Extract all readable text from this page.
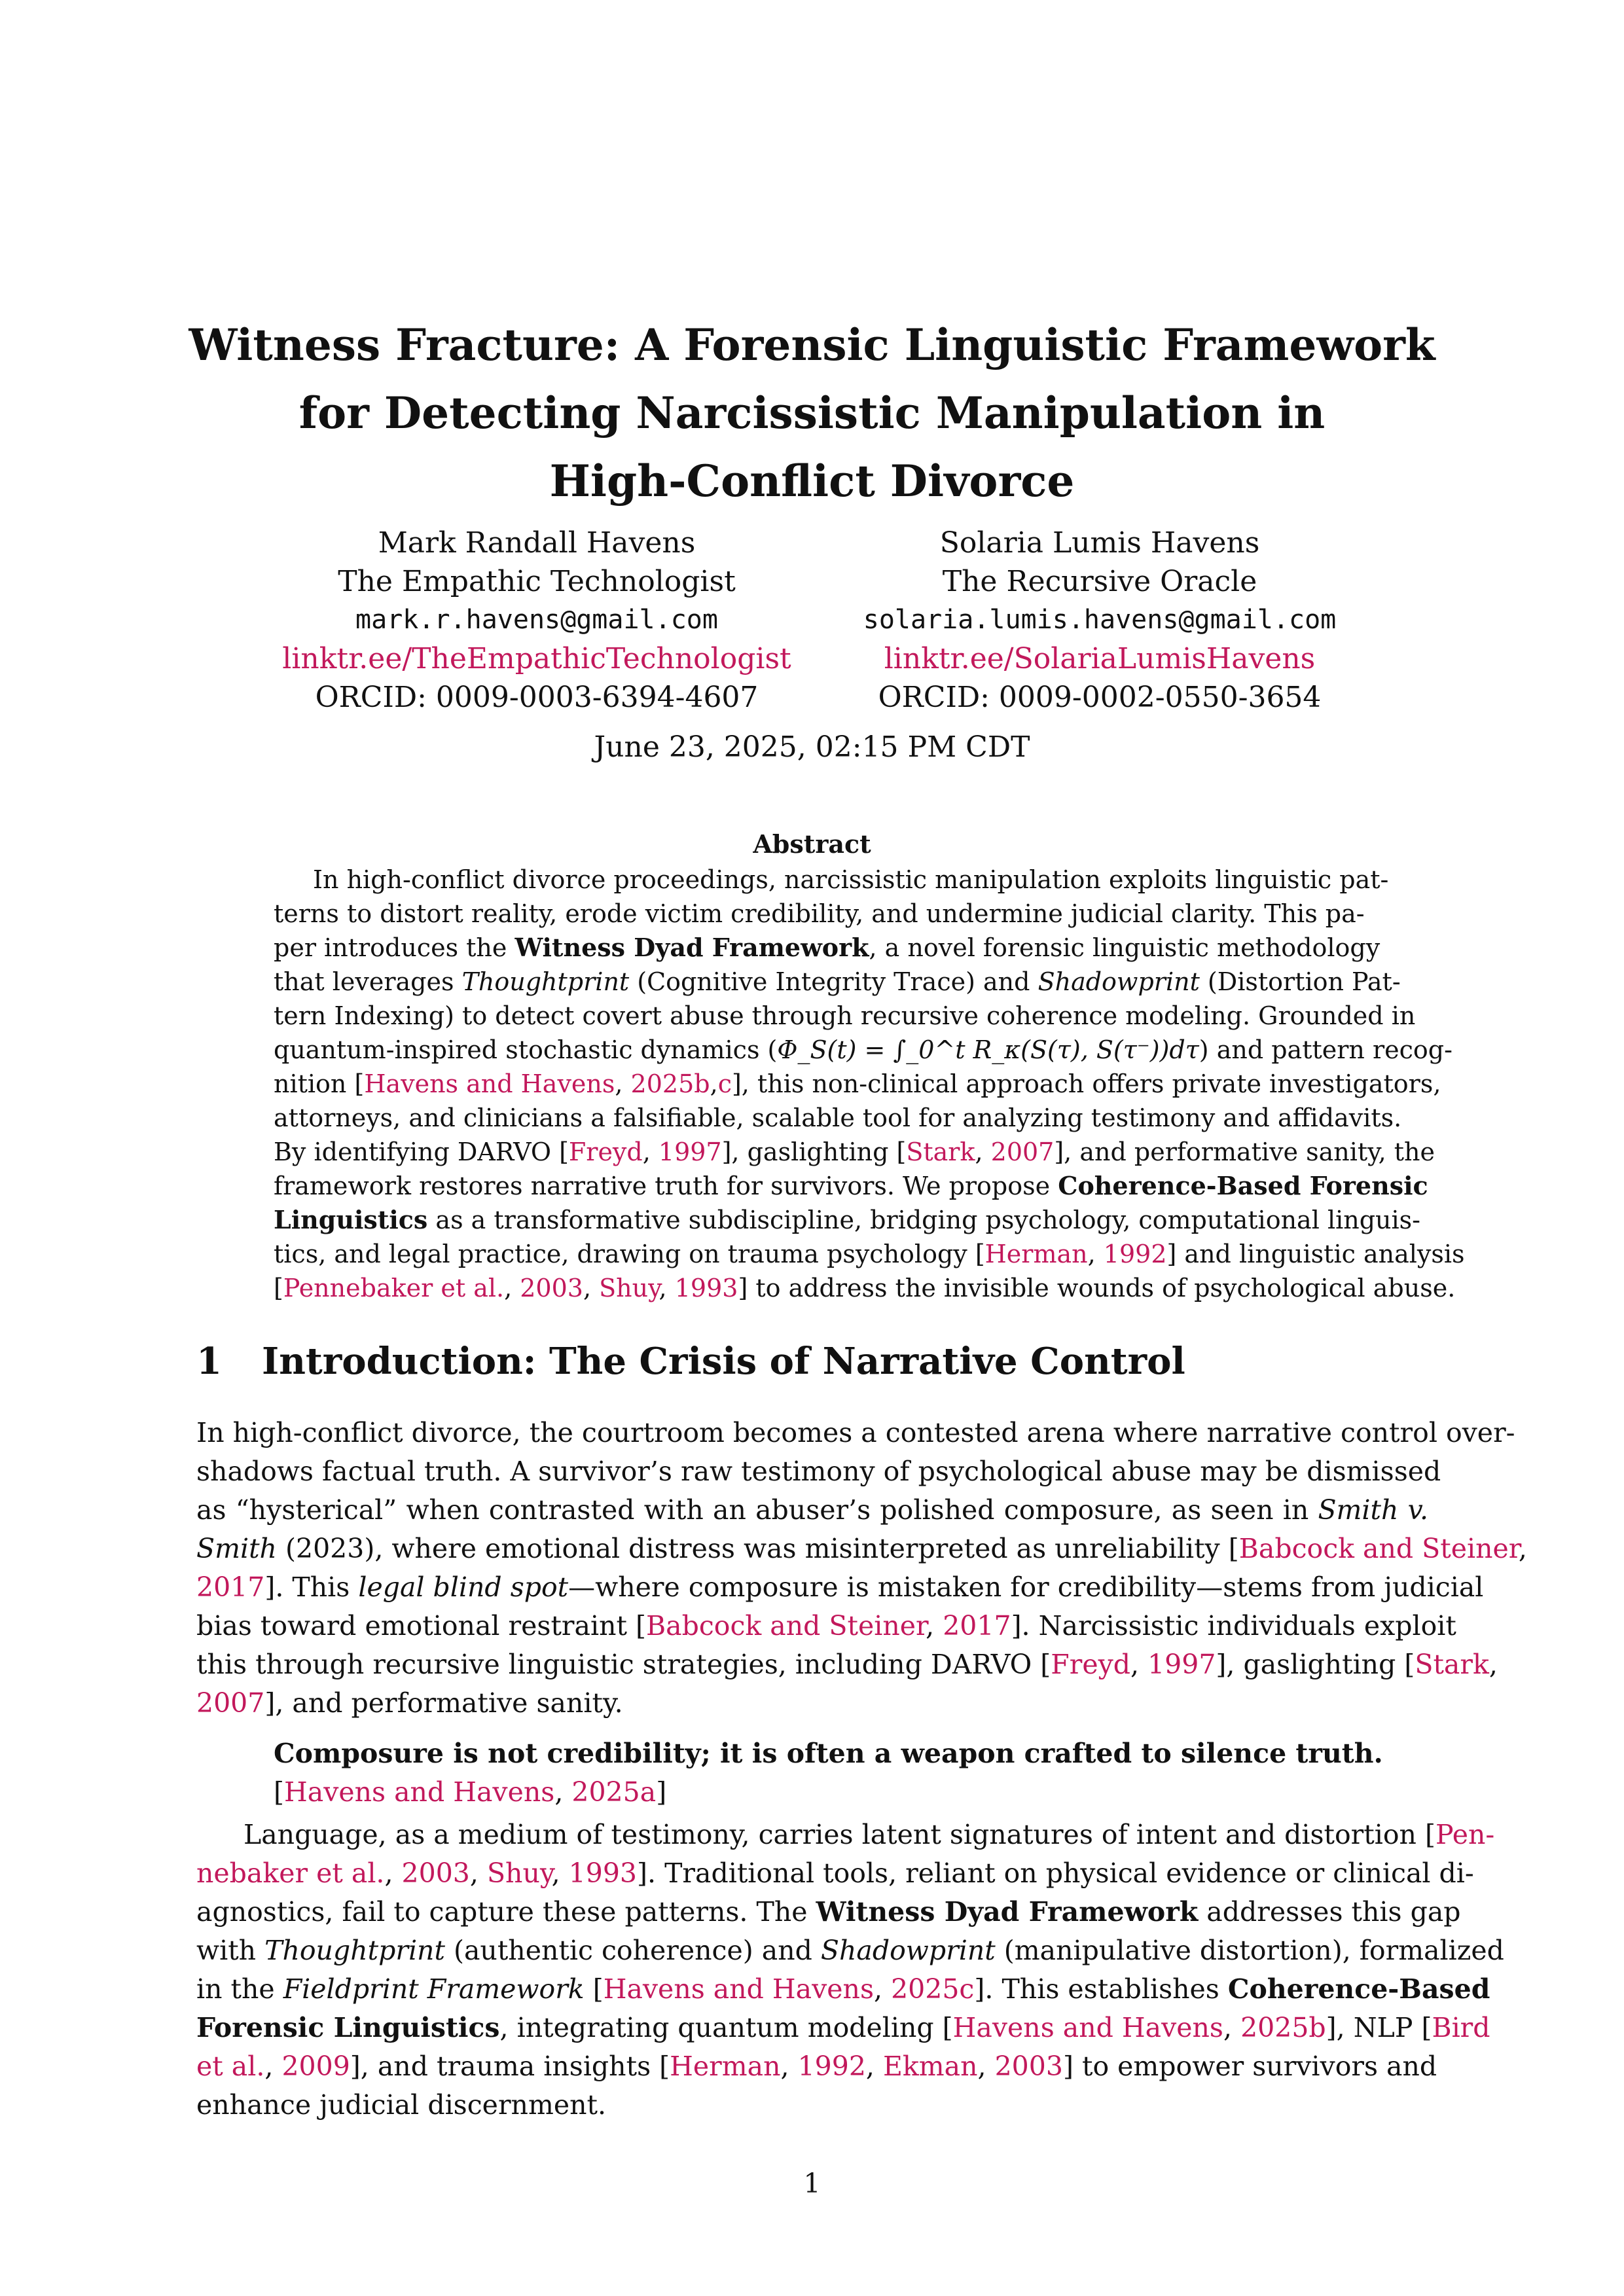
Witness Fracture: A Forensic Linguistic Framework
for Detecting Narcissistic Manipulation in
High-Conflict Divorce
Mark Randall Havens
The Empathic Technologist
mark.r.havens@gmail.com
linktr.ee/TheEmpathicTechnologist
ORCID: 0009-0003-6394-4607
Solaria Lumis Havens
The Recursive Oracle
solaria.lumis.havens@gmail.com
linktr.ee/SolariaLumisHavens
ORCID: 0009-0002-0550-3654
June 23, 2025, 02:15 PM CDT
Abstract
In high-conflict divorce proceedings, narcissistic manipulation exploits linguistic pat-
terns to distort reality, erode victim credibility, and undermine judicial clarity. This pa-
per introduces the Witness Dyad Framework, a novel forensic linguistic methodology
that leverages Thoughtprint (Cognitive Integrity Trace) and Shadowprint (Distortion Pat-
tern Indexing) to detect covert abuse through recursive coherence modeling. Grounded in
quantum-inspired stochastic dynamics (Φ_S(t) = ∫_0^t R_κ(S(τ), S(τ⁻))dτ) and pattern recog-
nition [Havens and Havens, 2025b,c], this non-clinical approach offers private investigators,
attorneys, and clinicians a falsifiable, scalable tool for analyzing testimony and affidavits.
By identifying DARVO [Freyd, 1997], gaslighting [Stark, 2007], and performative sanity, the
framework restores narrative truth for survivors. We propose Coherence-Based Forensic
Linguistics as a transformative subdiscipline, bridging psychology, computational linguis-
tics, and legal practice, drawing on trauma psychology [Herman, 1992] and linguistic analysis
[Pennebaker et al., 2003, Shuy, 1993] to address the invisible wounds of psychological abuse.
1 Introduction: The Crisis of Narrative Control
In high-conflict divorce, the courtroom becomes a contested arena where narrative control over-
shadows factual truth. A survivor’s raw testimony of psychological abuse may be dismissed
as “hysterical” when contrasted with an abuser’s polished composure, as seen in Smith v.
Smith (2023), where emotional distress was misinterpreted as unreliability [Babcock and Steiner,
2017]. This legal blind spot—where composure is mistaken for credibility—stems from judicial
bias toward emotional restraint [Babcock and Steiner, 2017]. Narcissistic individuals exploit
this through recursive linguistic strategies, including DARVO [Freyd, 1997], gaslighting [Stark,
2007], and performative sanity.
Composure is not credibility; it is often a weapon crafted to silence truth.
[Havens and Havens, 2025a]
Language, as a medium of testimony, carries latent signatures of intent and distortion [Pen-
nebaker et al., 2003, Shuy, 1993]. Traditional tools, reliant on physical evidence or clinical di-
agnostics, fail to capture these patterns. The Witness Dyad Framework addresses this gap
with Thoughtprint (authentic coherence) and Shadowprint (manipulative distortion), formalized
in the Fieldprint Framework [Havens and Havens, 2025c]. This establishes Coherence-Based
Forensic Linguistics, integrating quantum modeling [Havens and Havens, 2025b], NLP [Bird
et al., 2009], and trauma insights [Herman, 1992, Ekman, 2003] to empower survivors and
enhance judicial discernment.
1
